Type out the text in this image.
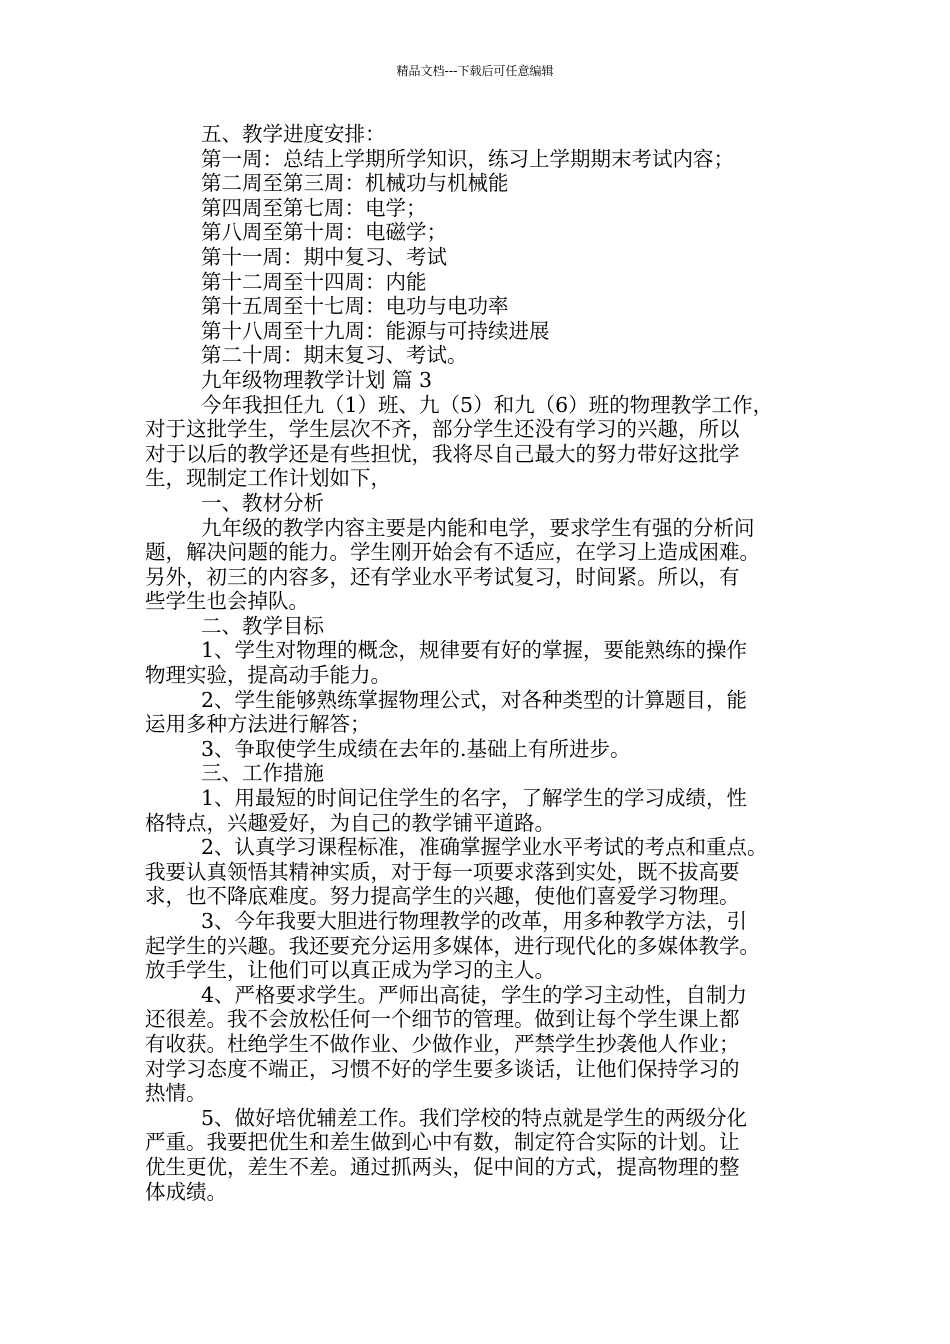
精品文档---下载后可任意编辑
五、教学进度安排：
第一周：总结上学期所学知识，练习上学期期末考试内容；
第二周至第三周：机械功与机械能
第四周至第七周：电学；
第八周至第十周：电磁学；
第十一周：期中复习、考试
第十二周至十四周：内能
第十五周至十七周：电功与电功率
第十八周至十九周：能源与可持续进展
第二十周：期末复习、考试。
九年级物理教学计划 篇 3
今年我担任九（1）班、九（5）和九（6）班的物理教学工作，
对于这批学生，学生层次不齐，部分学生还没有学习的兴趣，所以
对于以后的教学还是有些担忧，我将尽自己最大的努力带好这批学
生，现制定工作计划如下，
一、教材分析
九年级的教学内容主要是内能和电学，要求学生有强的分析问
题，解决问题的能力。学生刚开始会有不适应，在学习上造成困难。
另外，初三的内容多，还有学业水平考试复习，时间紧。所以，有
些学生也会掉队。
二、教学目标
1、学生对物理的概念，规律要有好的掌握，要能熟练的操作
物理实验，提高动手能力。
2、学生能够熟练掌握物理公式，对各种类型的计算题目，能
运用多种方法进行解答；
3、争取使学生成绩在去年的.基础上有所进步。
三、工作措施
1、用最短的时间记住学生的名字，了解学生的学习成绩，性
格特点，兴趣爱好，为自己的教学铺平道路。
2、认真学习课程标准，准确掌握学业水平考试的考点和重点。
我要认真领悟其精神实质，对于每一项要求落到实处，既不拔高要
求，也不降底难度。努力提高学生的兴趣，使他们喜爱学习物理。
3、今年我要大胆进行物理教学的改革，用多种教学方法，引
起学生的兴趣。我还要充分运用多媒体，进行现代化的多媒体教学。
放手学生，让他们可以真正成为学习的主人。
4、严格要求学生。严师出高徒，学生的学习主动性，自制力
还很差。我不会放松任何一个细节的管理。做到让每个学生课上都
有收获。杜绝学生不做作业、少做作业，严禁学生抄袭他人作业；
对学习态度不端正，习惯不好的学生要多谈话，让他们保持学习的
热情。
5、做好培优辅差工作。我们学校的特点就是学生的两级分化
严重。我要把优生和差生做到心中有数，制定符合实际的计划。让
优生更优，差生不差。通过抓两头，促中间的方式，提高物理的整
体成绩。
